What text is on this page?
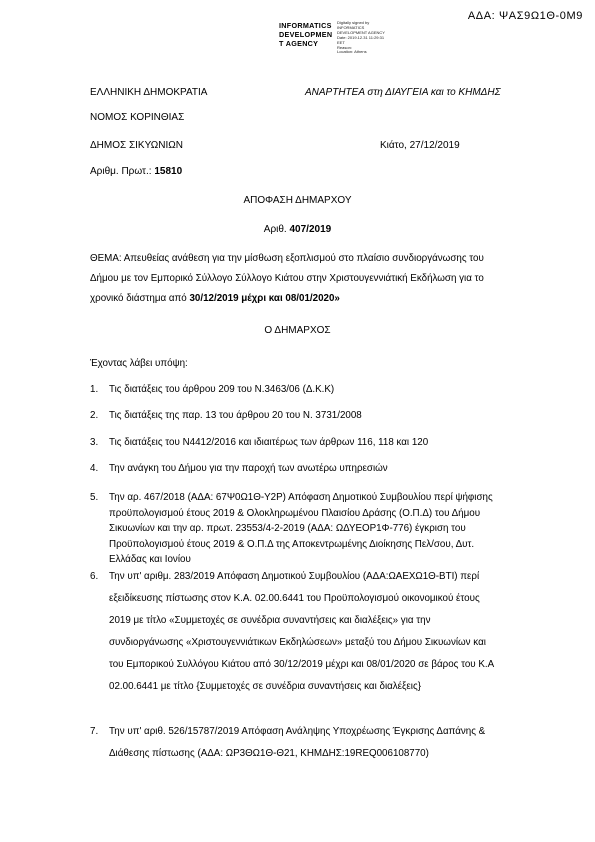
ΑΔΑ: ΨΑΣ9Ω1Θ-0Μ9
INFORMATICS
DEVELOPMEN
T AGENCY
Digitally signed by
INFORMATICS
DEVELOPMENT AGENCY
Date: 2019.12.31 11:29:31
EET
Reason:
Location: Athens
ΕΛΛΗΝΙΚΗ ΔΗΜΟΚΡΑΤΙΑ	ΑΝΑΡΤΗΤΕΑ στη ΔΙΑΥΓΕΙΑ και το ΚΗΜΔΗΣ
ΝΟΜΟΣ ΚΟΡΙΝΘΙΑΣ
ΔΗΜΟΣ ΣΙΚΥΩΝΙΩΝ	Κιάτο, 27/12/2019
Αριθμ. Πρωτ.: 15810
ΑΠΟΦΑΣΗ ΔΗΜΑΡΧΟΥ
Αριθ. 407/2019
ΘΕΜΑ: Απευθείας ανάθεση για την μίσθωση εξοπλισμού στο πλαίσιο συνδιοργάνωσης του
Δήμου με τον Εμπορικό Σύλλογο Σύλλογο Κιάτου στην Χριστουγεννιάτική Εκδήλωση για το
χρονικό διάστημα από 30/12/2019 μέχρι και 08/01/2020»
Ο ΔΗΜΑΡΧΟΣ
Έχοντας λάβει υπόψη:
1. Τις διατάξεις του άρθρου 209 του Ν.3463/06 (Δ.Κ.Κ)
2. Τις διατάξεις της παρ. 13 του άρθρου 20 του Ν. 3731/2008
3. Τις διατάξεις του Ν4412/2016 και ιδιαιτέρως των άρθρων 116, 118 και 120
4. Την ανάγκη του Δήμου για την παροχή των ανωτέρω υπηρεσιών
5. Την αρ. 467/2018 (ΑΔΑ: 67Ψ0Ω1Θ-Υ2Ρ) Απόφαση Δημοτικού Συμβουλίου περί ψήφισης
προϋπολογισμού έτους 2019 & Ολοκληρωμένου Πλαισίου Δράσης (Ο.Π.Δ) του Δήμου
Σικυωνίων και την αρ. πρωτ. 23553/4-2-2019 (ΑΔΑ: ΩΔΥΕΟΡ1Φ-776) έγκριση του
Προϋπολογισμού έτους 2019 & Ο.Π.Δ της Αποκεντρωμένης Διοίκησης Πελ/σου, Δυτ.
Ελλάδας και Ιονίου
6. Την υπ' αριθμ. 283/2019 Απόφαση Δημοτικού Συμβουλίου (ΑΔΑ:ΩΑΕΧΩ1Θ-ΒΤΙ) περί
εξειδίκευσης πίστωσης στον Κ.Α. 02.00.6441 του Προϋπολογισμού οικονομικού έτους
2019 με τίτλο «Συμμετοχές σε συνέδρια συναντήσεις και διαλέξεις» για την
συνδιοργάνωσης «Χριστουγεννιάτικων Εκδηλώσεων» μεταξύ του Δήμου Σικυωνίων και
του Εμπορικού Συλλόγου Κιάτου από 30/12/2019 μέχρι και 08/01/2020 σε βάρος του Κ.Α
02.00.6441 με τίτλο {Συμμετοχές σε συνέδρια συναντήσεις και διαλέξεις}
7. Την υπ' αριθ. 526/15787/2019 Απόφαση Ανάληψης Υποχρέωσης Έγκρισης Δαπάνης &
Διάθεσης πίστωσης (ΑΔΑ: ΩΡ3ΘΩ1Θ-Θ21, ΚΗΜΔΗΣ:19REQ006108770)
